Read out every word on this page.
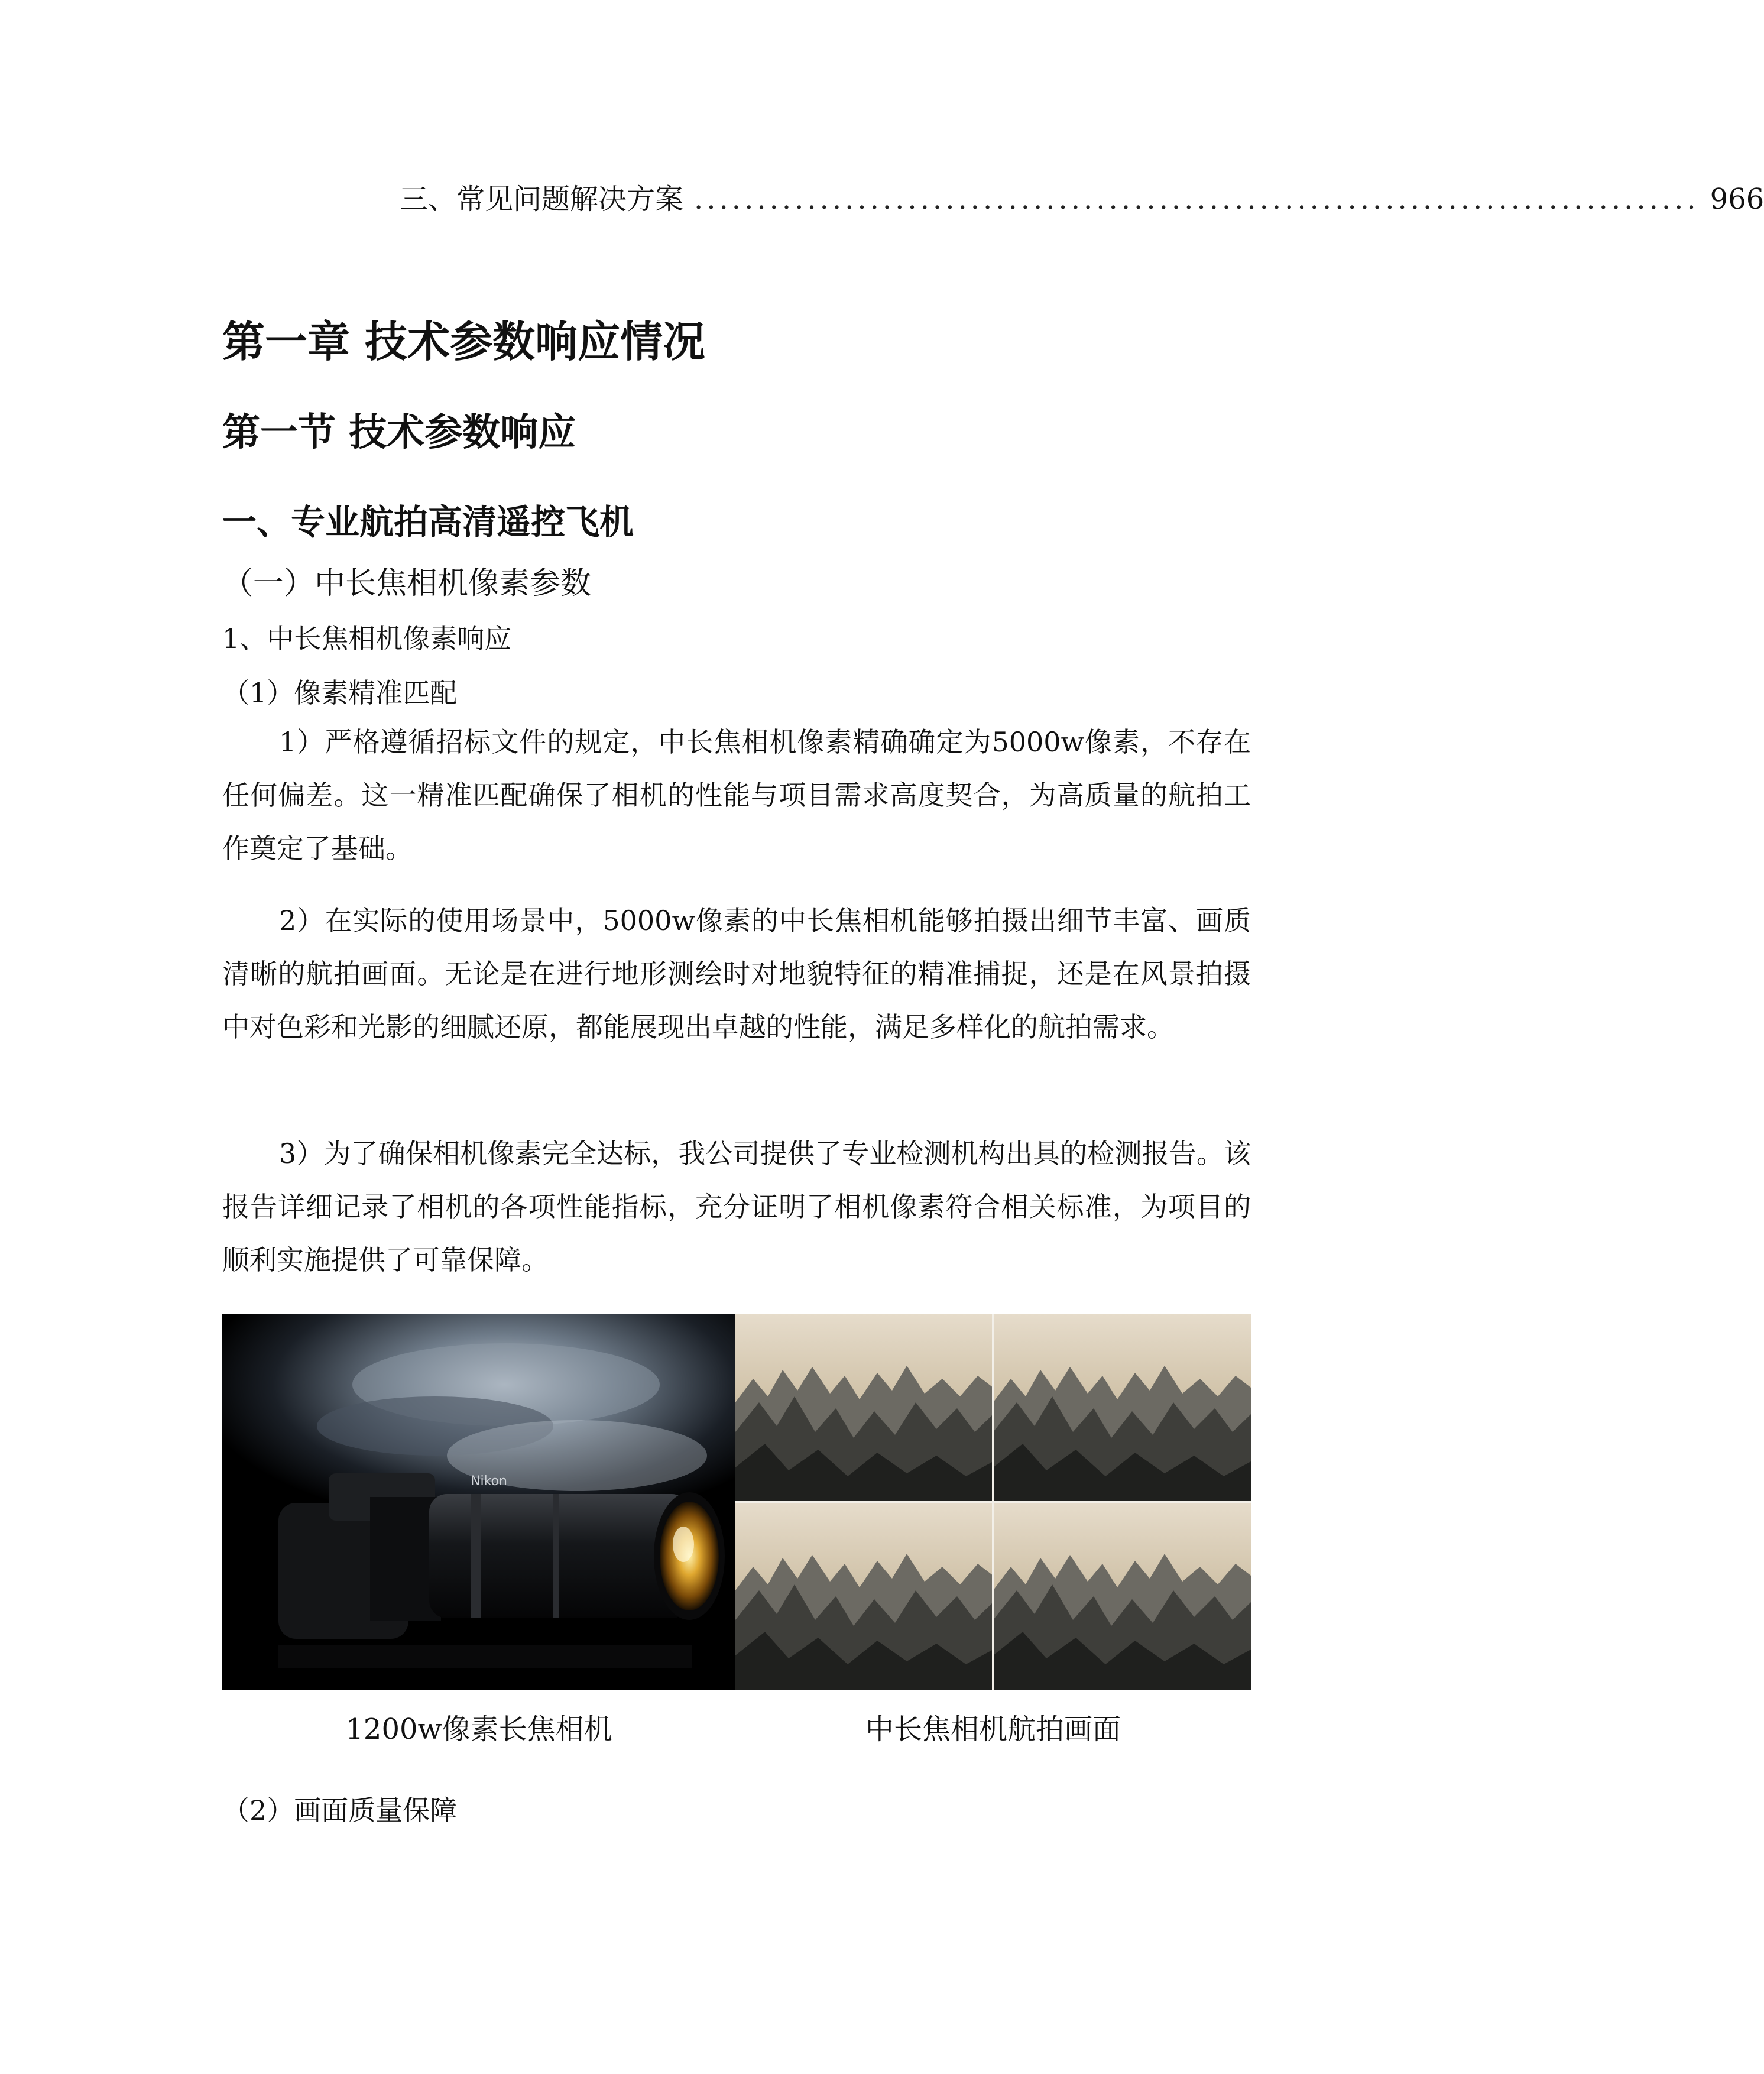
三、 常见问题解决方案 ................................................................................ 966
第一章 技术参数响应情况
第一节 技术参数响应
一、专业航拍高清遥控飞机
（一）中长焦相机像素参数
1、中长焦相机像素响应
（1）像素精准匹配
1）严格遵循招标文件的规定，中长焦相机像素精确确定为5000w像素，不存在任何偏差。这一精准匹配确保了相机的性能与项目需求高度契合，为高质量的航拍工作奠定了基础。
2）在实际的使用场景中，5000w像素的中长焦相机能够拍摄出细节丰富、画质清晰的航拍画面。无论是在进行地形测绘时对地貌特征的精准捕捉，还是在风景拍摄中对色彩和光影的细腻还原，都能展现出卓越的性能，满足多样化的航拍需求。
3）为了确保相机像素完全达标，我公司提供了专业检测机构出具的检测报告。该报告详细记录了相机的各项性能指标，充分证明了相机像素符合相关标准，为项目的顺利实施提供了可靠保障。
Nikon
1200w像素长焦相机	中长焦相机航拍画面
（2）画面质量保障
